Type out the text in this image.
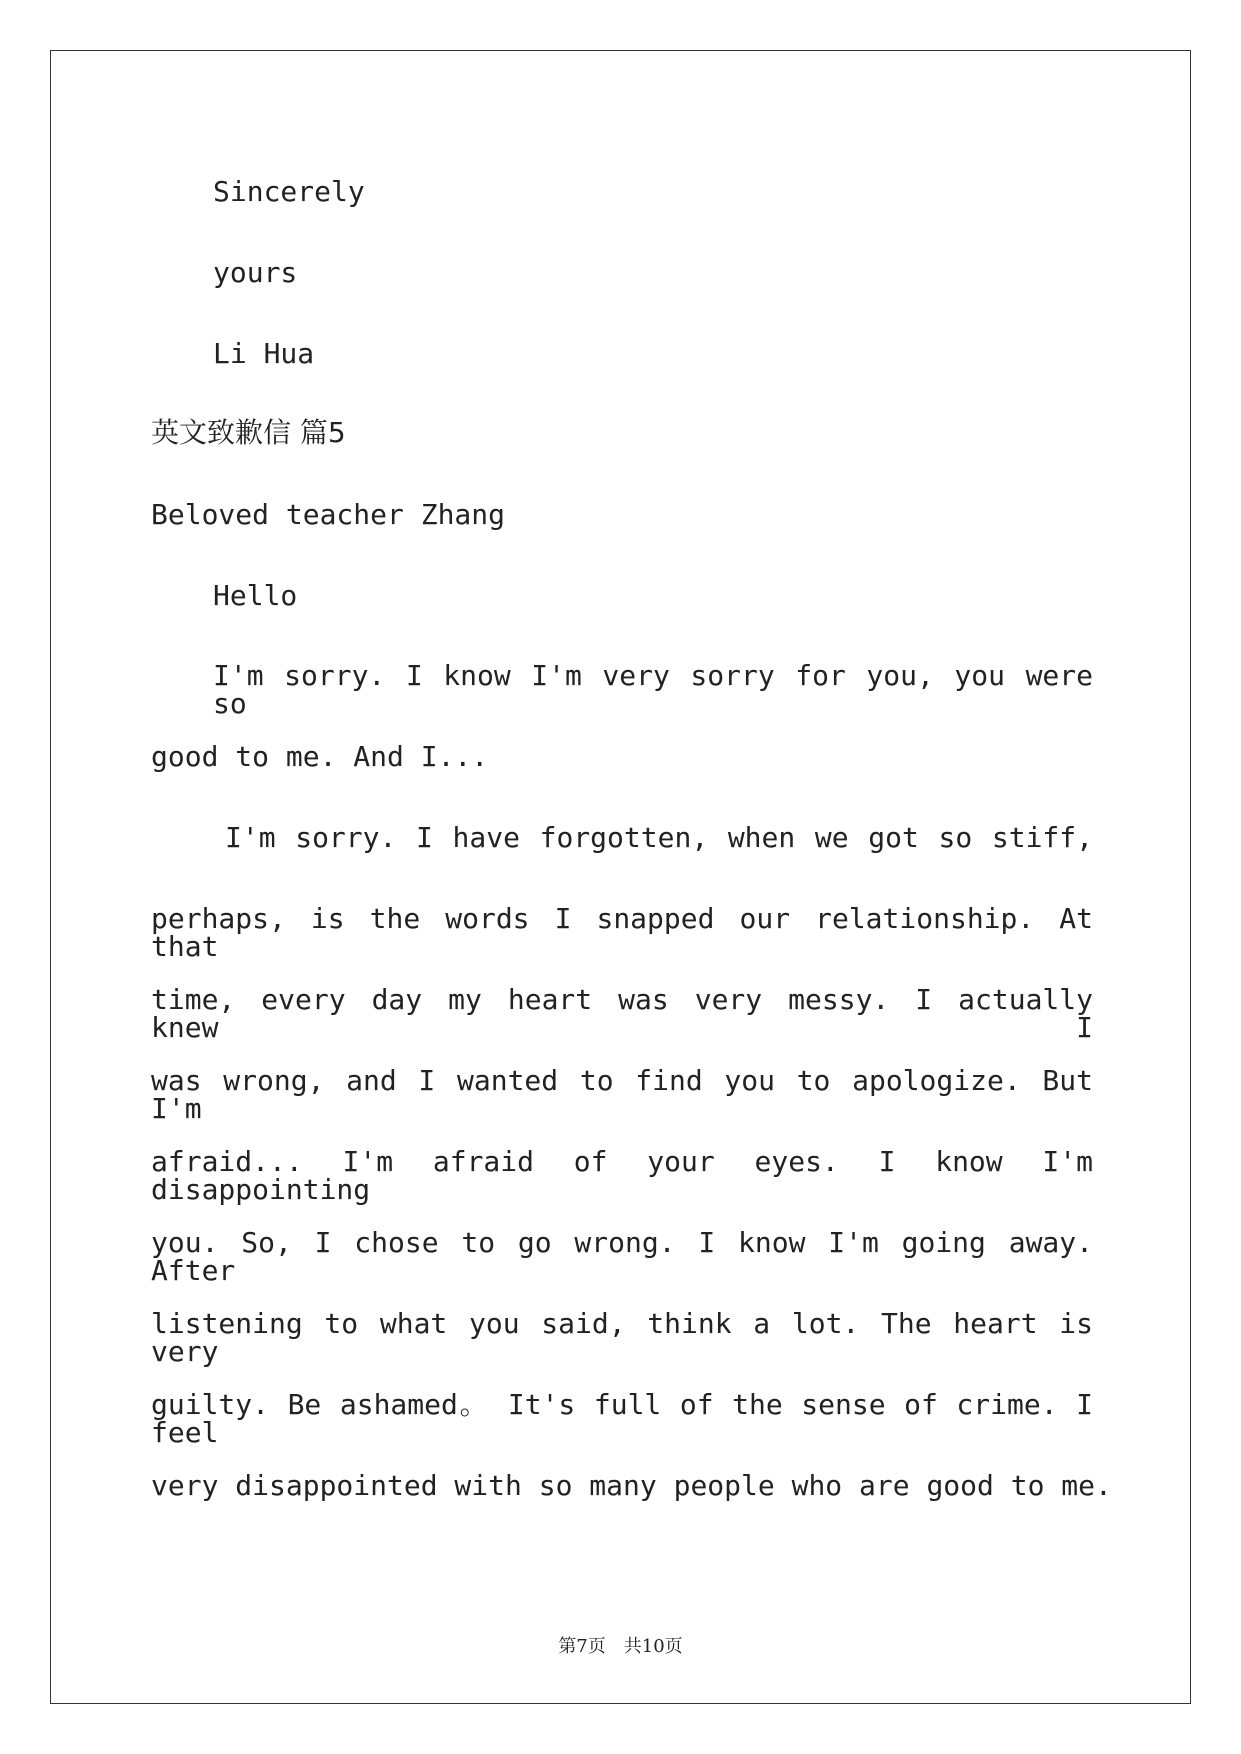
Sincerely
yours
Li Hua
英文致歉信 篇5
Beloved teacher Zhang
Hello
I'm sorry. I know I'm very sorry for you, you were so
good to me. And I...
I'm sorry. I have forgotten, when we got so stiff,
perhaps, is the words I snapped our relationship. At that
time, every day my heart was very messy. I actually knew I
was wrong, and I wanted to find you to apologize. But I'm
afraid... I'm afraid of your eyes. I know I'm disappointing
you. So, I chose to go wrong. I know I'm going away. After
listening to what you said, think a lot. The heart is very
guilty. Be ashamed。 It's full of the sense of crime. I feel
very disappointed with so many people who are good to me.
第7页　共10页
